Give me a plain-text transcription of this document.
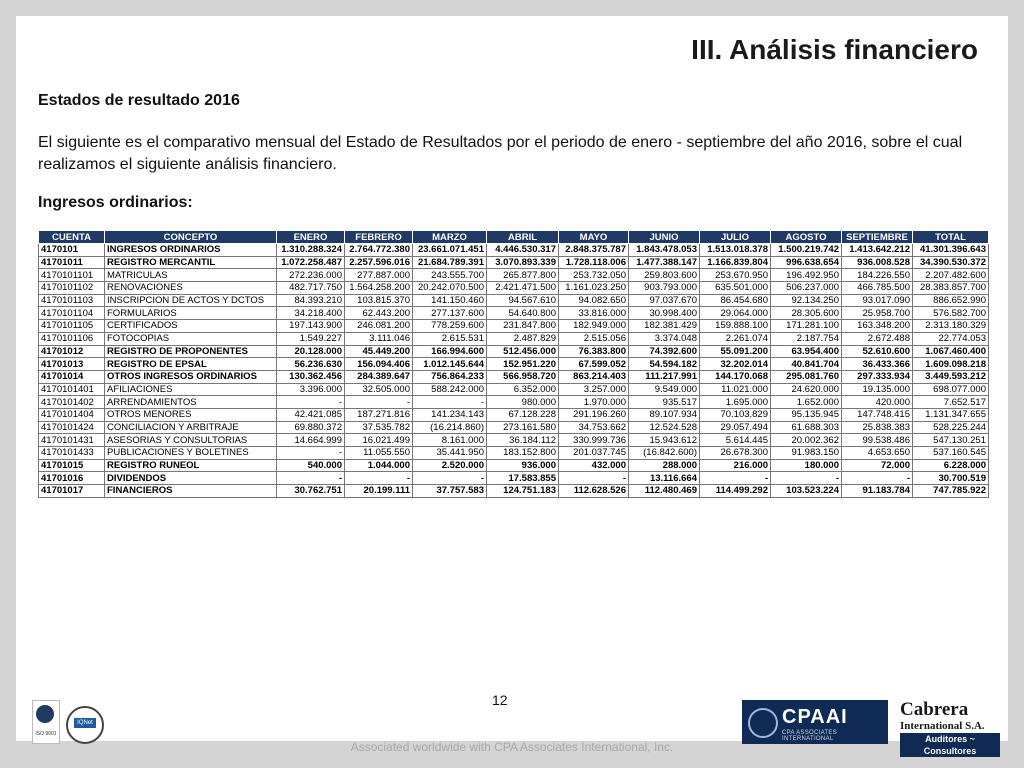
III. Análisis financiero
Estados de resultado 2016
El siguiente es el comparativo mensual del Estado de Resultados por el periodo de enero - septiembre del año 2016, sobre el cual realizamos el siguiente análisis financiero.
Ingresos ordinarios:
CUENTA	CONCEPTO	ENERO	FEBRERO	MARZO	ABRIL	MAYO	JUNIO	JULIO	AGOSTO	SEPTIEMBRE	TOTAL
4170101	INGRESOS ORDINARIOS	1.310.288.324	2.764.772.380	23.661.071.451	4.446.530.317	2.848.375.787	1.843.478.053	1.513.018.378	1.500.219.742	1.413.642.212	41.301.396.643
41701011	REGISTRO MERCANTIL	1.072.258.487	2.257.596.016	21.684.789.391	3.070.893.339	1.728.118.006	1.477.388.147	1.166.839.804	996.638.654	936.008.528	34.390.530.372
4170101101	MATRICULAS	272.236.000	277.887.000	243.555.700	265.877.800	253.732.050	259.803.600	253.670.950	196.492.950	184.226.550	2.207.482.600
4170101102	RENOVACIONES	482.717.750	1.564.258.200	20.242.070.500	2.421.471.500	1.161.023.250	903.793.000	635.501.000	506.237.000	466.785.500	28.383.857.700
4170101103	INSCRIPCION DE ACTOS Y DCTOS	84.393.210	103.815.370	141.150.460	94.567.610	94.082.650	97.037.670	86.454.680	92.134.250	93.017.090	886.652.990
4170101104	FORMULARIOS	34.218.400	62.443.200	277.137.600	54.640.800	33.816.000	30.998.400	29.064.000	28.305.600	25.958.700	576.582.700
4170101105	CERTIFICADOS	197.143.900	246.081.200	778.259.600	231.847.800	182.949.000	182.381.429	159.888.100	171.281.100	163.348.200	2.313.180.329
4170101106	FOTOCOPIAS	1.549.227	3.111.046	2.615.531	2.487.829	2.515.056	3.374.048	2.261.074	2.187.754	2.672.488	22.774.053
41701012	REGISTRO DE PROPONENTES	20.128.000	45.449.200	166.994.600	512.456.000	76.383.800	74.392.600	55.091.200	63.954.400	52.610.600	1.067.460.400
41701013	REGISTRO DE EPSAL	56.236.630	156.094.406	1.012.145.644	152.951.220	67.599.052	54.594.182	32.202.014	40.841.704	36.433.366	1.609.098.218
41701014	OTROS INGRESOS ORDINARIOS	130.362.456	284.389.647	756.864.233	566.958.720	863.214.403	111.217.991	144.170.068	295.081.760	297.333.934	3.449.593.212
4170101401	AFILIACIONES	3.396.000	32.505.000	588.242.000	6.352.000	3.257.000	9.549.000	11.021.000	24.620.000	19.135.000	698.077.000
4170101402	ARRENDAMIENTOS	-	-	-	980.000	1.970.000	935.517	1.695.000	1.652.000	420.000	7.652.517
4170101404	OTROS MENORES	42.421.085	187.271.816	141.234.143	67.128.228	291.196.260	89.107.934	70.103.829	95.135.945	147.748.415	1.131.347.655
4170101424	CONCILIACION Y ARBITRAJE	69.880.372	37.535.782	(16.214.860)	273.161.580	34.753.662	12.524.528	29.057.494	61.688.303	25.838.383	528.225.244
4170101431	ASESORIAS Y CONSULTORIAS	14.664.999	16.021.499	8.161.000	36.184.112	330.999.736	15.943.612	5.614.445	20.002.362	99.538.486	547.130.251
4170101433	PUBLICACIONES Y BOLETINES	-	11.055.550	35.441.950	183.152.800	201.037.745	(16.842.600)	26.678.300	91.983.150	4.653.650	537.160.545
41701015	REGISTRO RUNEOL	540.000	1.044.000	2.520.000	936.000	432.000	288.000	216.000	180.000	72.000	6.228.000
41701016	DIVIDENDOS	-	-	-	17.583.855	-	13.116.664	-	-	-	30.700.519
41701017	FINANCIEROS	30.762.751	20.199.111	37.757.583	124.751.183	112.628.526	112.480.469	114.499.292	103.523.224	91.183.784	747.785.922
12
Associated worldwide with CPA Associates International, Inc.
ISO 9001
IQNet	CPAAI
CPA ASSOCIATES INTERNATIONAL
Cabrera
International S.A.
Auditores ~ Consultores
